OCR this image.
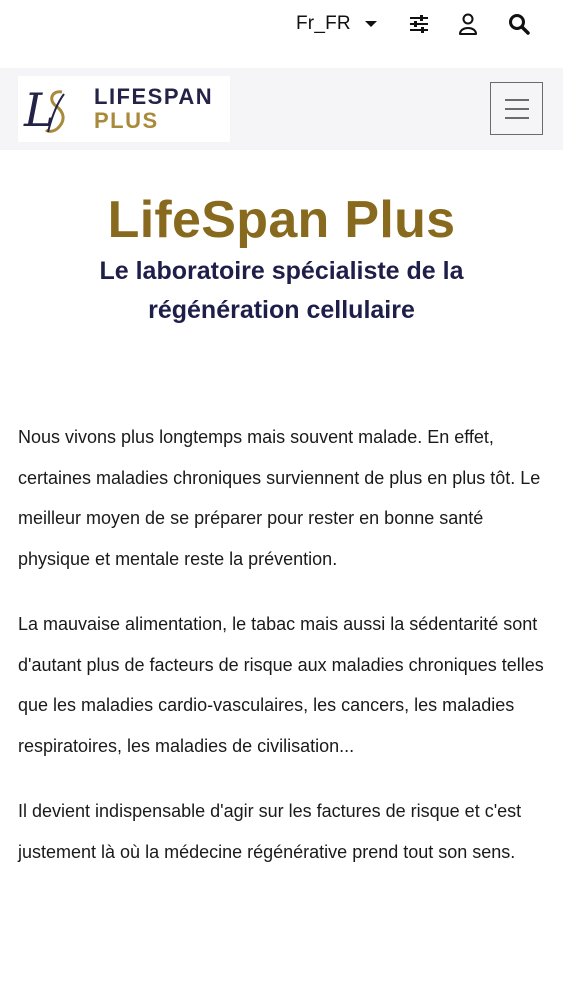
Fr_FR
L LIFESPAN
PLUS
LifeSpan Plus
Le laboratoire spécialiste de la régénération cellulaire

Nous vivons plus longtemps mais souvent malade. En effet, certaines maladies chroniques surviennent de plus en plus tôt. Le meilleur moyen de se préparer pour rester en bonne santé physique et mentale reste la prévention.

La mauvaise alimentation, le tabac mais aussi la sédentarité sont d'autant plus de facteurs de risque aux maladies chroniques telles que les maladies cardio-vasculaires, les cancers, les maladies respiratoires, les maladies de civilisation...

Il devient indispensable d'agir sur les factures de risque et c'est justement là où la médecine régénérative prend tout son sens.
